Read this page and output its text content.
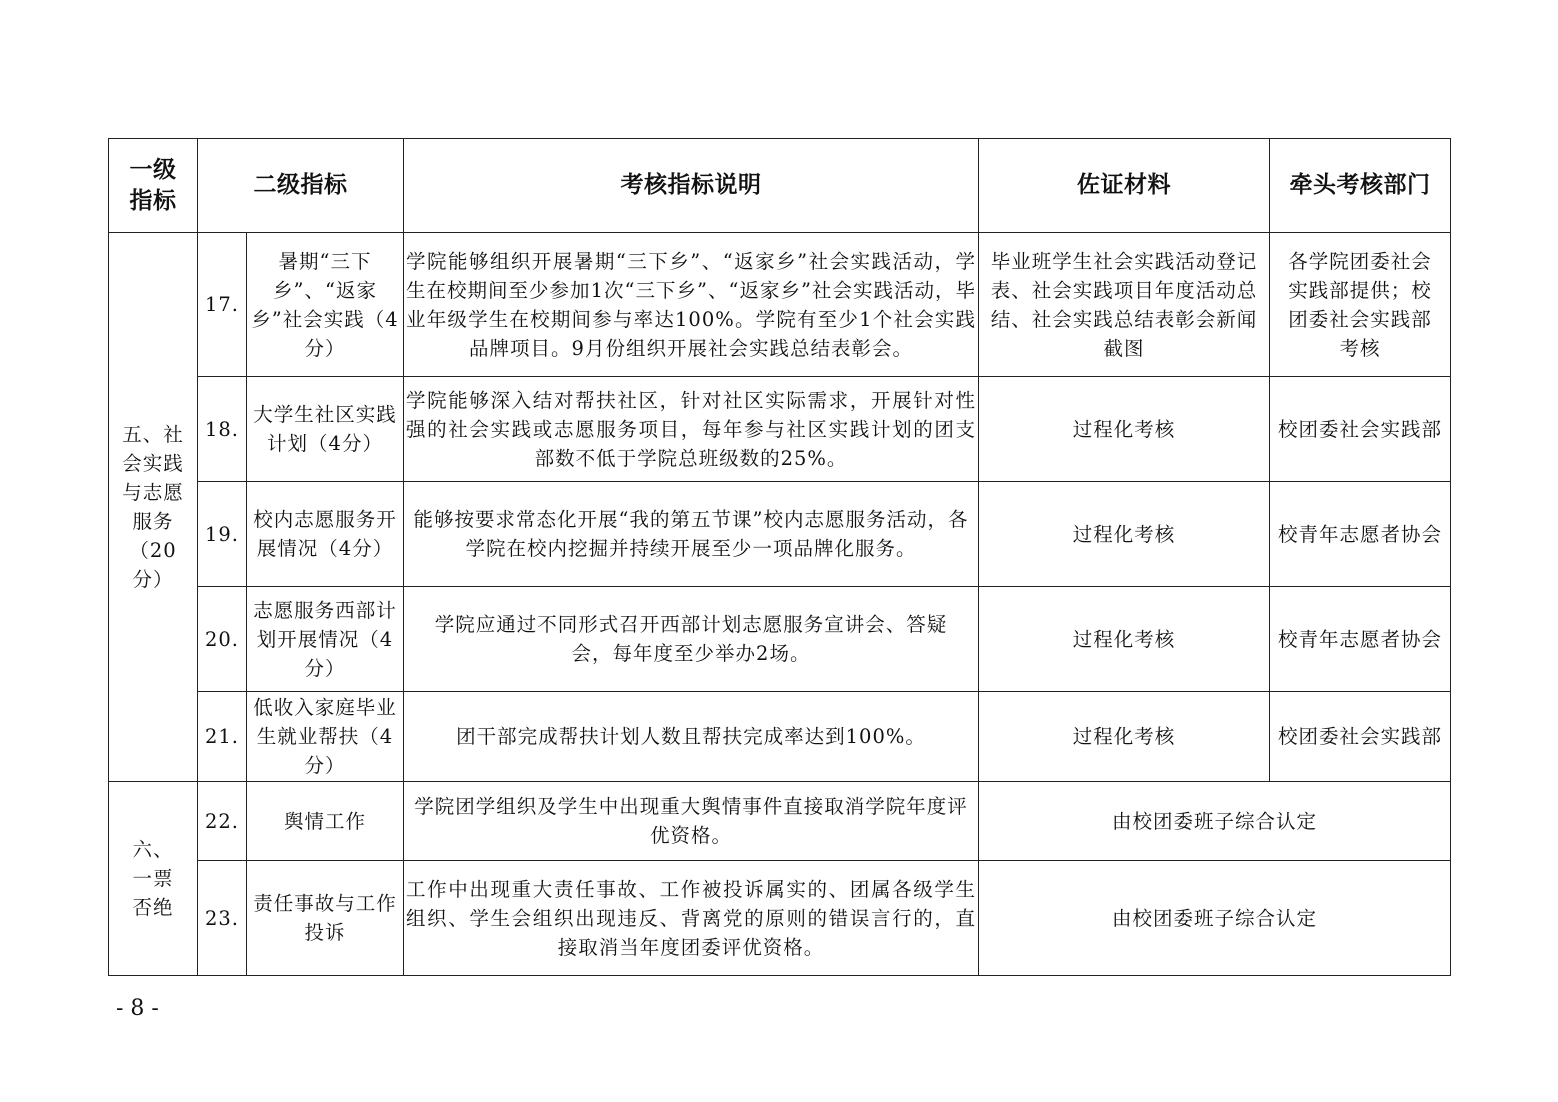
一级指标	二级指标		考核指标说明	佐证材料	牵头考核部门
五、社会实践与志愿服务（20分）	17.	暑期“三下乡”、“返家乡”社会实践（4分）	学院能够组织开展暑期“三下乡”、“返家乡”社会实践活动，学生在校期间至少参加1次“三下乡”、“返家乡”社会实践活动，毕业年级学生在校期间参与率达100%。学院有至少1个社会实践品牌项目。9月份组织开展社会实践总结表彰会。	毕业班学生社会实践活动登记表、社会实践项目年度活动总结、社会实践总结表彰会新闻截图	各学院团委社会实践部提供；校团委社会实践部考核
	18.	大学生社区实践计划（4分）	学院能够深入结对帮扶社区，针对社区实际需求，开展针对性强的社会实践或志愿服务项目，每年参与社区实践计划的团支部数不低于学院总班级数的25%。	过程化考核	校团委社会实践部
	19.	校内志愿服务开展情况（4分）	能够按要求常态化开展“我的第五节课”校内志愿服务活动，各学院在校内挖掘并持续开展至少一项品牌化服务。	过程化考核	校青年志愿者协会
	20.	志愿服务西部计划开展情况（4分）	学院应通过不同形式召开西部计划志愿服务宣讲会、答疑会，每年度至少举办2场。	过程化考核	校青年志愿者协会
	21.	低收入家庭毕业生就业帮扶（4分）	团干部完成帮扶计划人数且帮扶完成率达到100%。	过程化考核	校团委社会实践部
六、一票否绝	22.	舆情工作	学院团学组织及学生中出现重大舆情事件直接取消学院年度评优资格。	由校团委班子综合认定	
	23.	责任事故与工作投诉	工作中出现重大责任事故、工作被投诉属实的、团属各级学生组织、学生会组织出现违反、背离党的原则的错误言行的，直接取消当年度团委评优资格。	由校团委班子综合认定	
- 8 -
